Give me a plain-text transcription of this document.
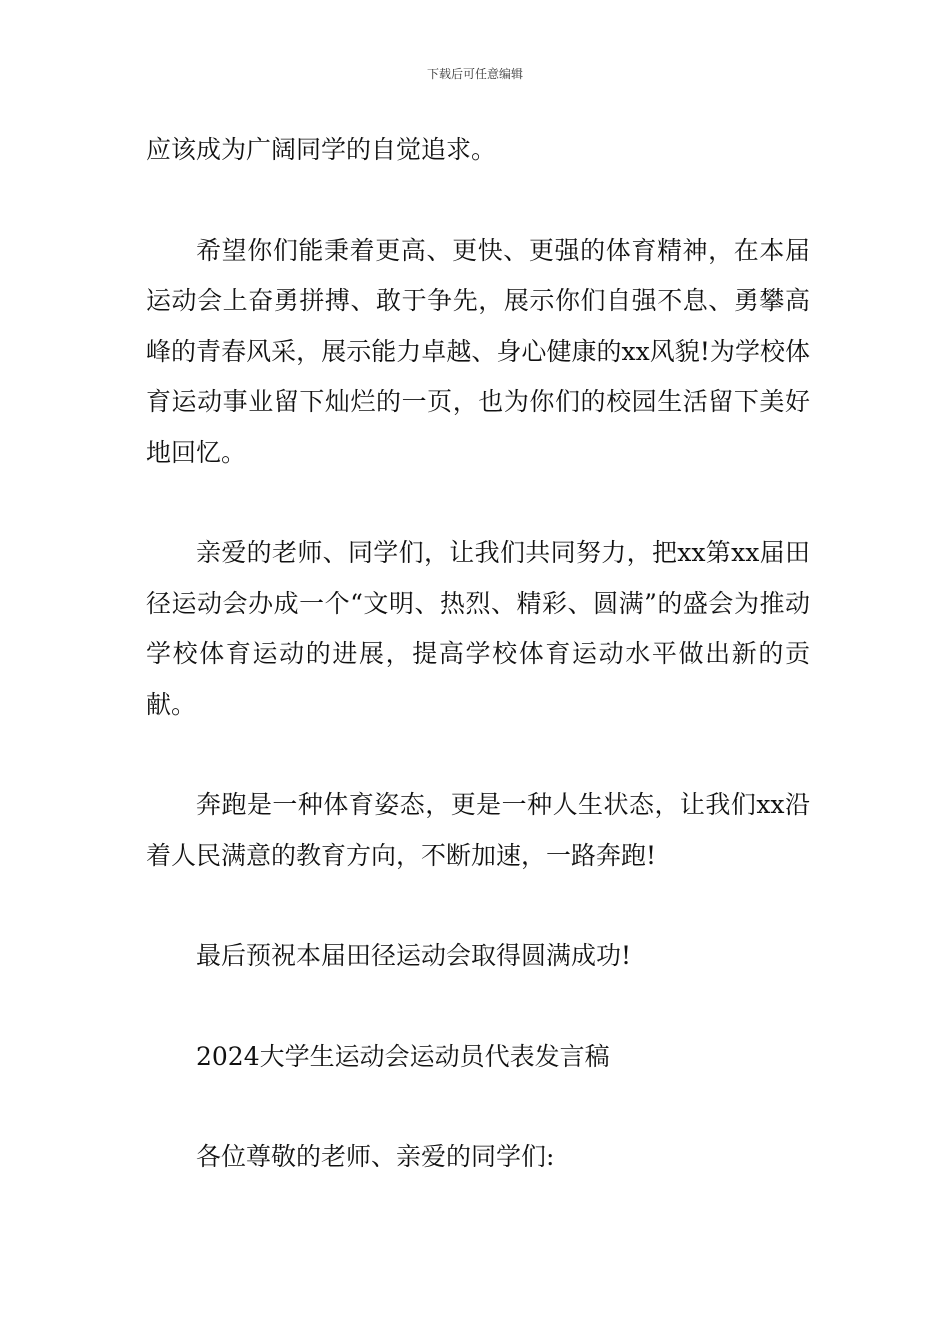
下载后可任意编辑

应该成为广阔同学的自觉追求。

希望你们能秉着更高、更快、更强的体育精神，在本届运动会上奋勇拼搏、敢于争先，展示你们自强不息、勇攀高峰的青春风采，展示能力卓越、身心健康的xx风貌!为学校体育运动事业留下灿烂的一页，也为你们的校园生活留下美好地回忆。

亲爱的老师、同学们，让我们共同努力，把xx第xx届田径运动会办成一个“文明、热烈、精彩、圆满”的盛会为推动学校体育运动的进展，提高学校体育运动水平做出新的贡献。

奔跑是一种体育姿态，更是一种人生状态，让我们xx沿着人民满意的教育方向，不断加速，一路奔跑!

最后预祝本届田径运动会取得圆满成功!

2024大学生运动会运动员代表发言稿

各位尊敬的老师、亲爱的同学们:
